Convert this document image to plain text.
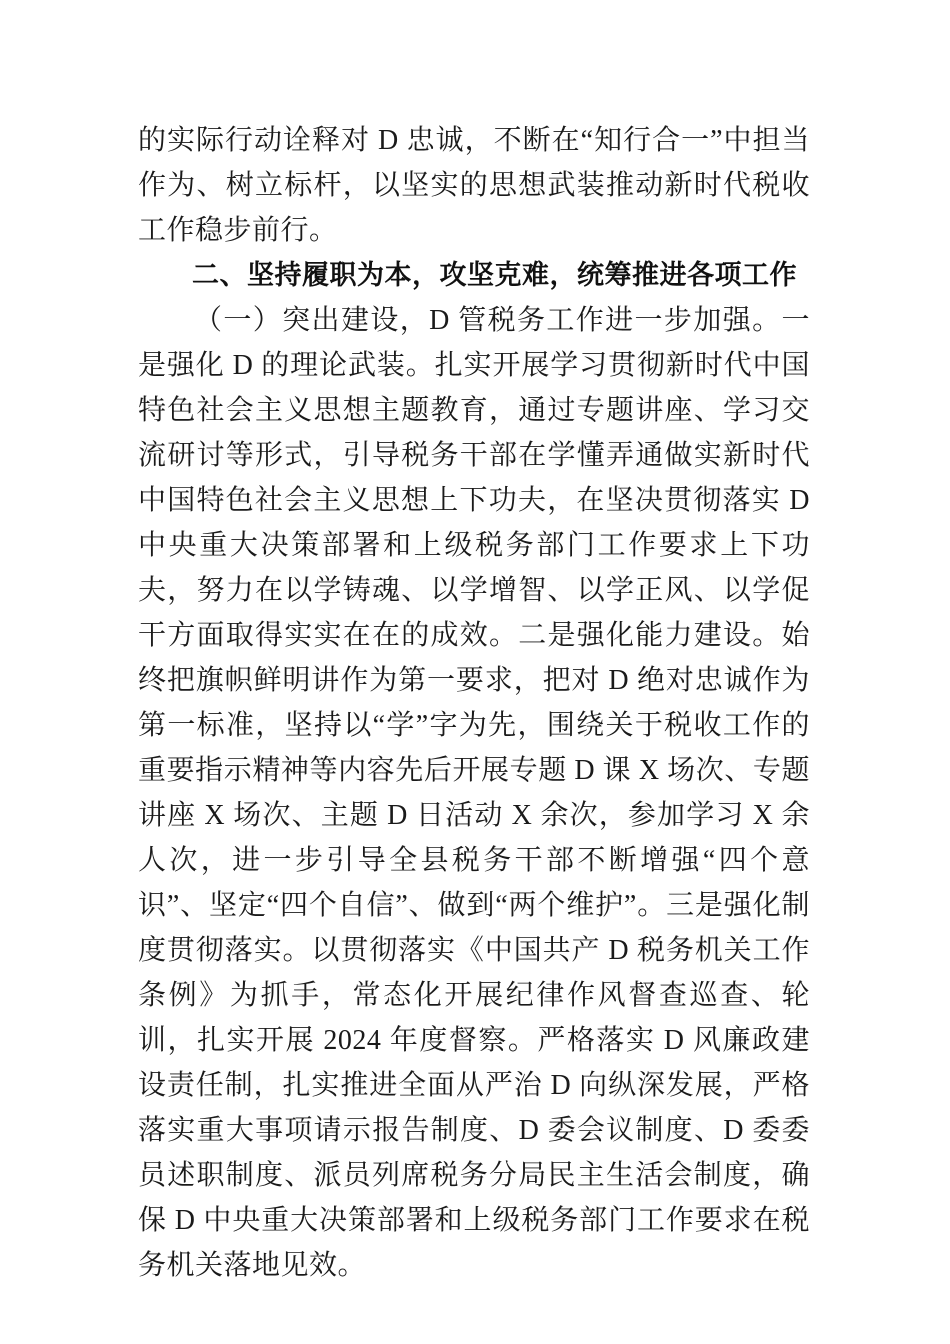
的实际行动诠释对 D 忠诚，不断在“知行合一”中担当作为、树立标杆，以坚实的思想武装推动新时代税收工作稳步前行。

二、坚持履职为本，攻坚克难，统筹推进各项工作

（一）突出建设，D 管税务工作进一步加强。一是强化 D 的理论武装。扎实开展学习贯彻新时代中国特色社会主义思想主题教育，通过专题讲座、学习交流研讨等形式，引导税务干部在学懂弄通做实新时代中国特色社会主义思想上下功夫，在坚决贯彻落实 D 中央重大决策部署和上级税务部门工作要求上下功夫，努力在以学铸魂、以学增智、以学正风、以学促干方面取得实实在在的成效。二是强化能力建设。始终把旗帜鲜明讲作为第一要求，把对 D 绝对忠诚作为第一标准，坚持以“学”字为先，围绕关于税收工作的重要指示精神等内容先后开展专题 D 课 X 场次、专题讲座 X 场次、主题 D 日活动 X 余次，参加学习 X 余人次，进一步引导全县税务干部不断增强“四个意识”、坚定“四个自信”、做到“两个维护”。三是强化制度贯彻落实。以贯彻落实《中国共产 D 税务机关工作条例》为抓手，常态化开展纪律作风督查巡查、轮训，扎实开展 2024 年度督察。严格落实 D 风廉政建设责任制，扎实推进全面从严治 D 向纵深发展，严格落实重大事项请示报告制度、D 委会议制度、D 委委员述职制度、派员列席税务分局民主生活会制度，确保 D 中央重大决策部署和上级税务部门工作要求在税务机关落地见效。
